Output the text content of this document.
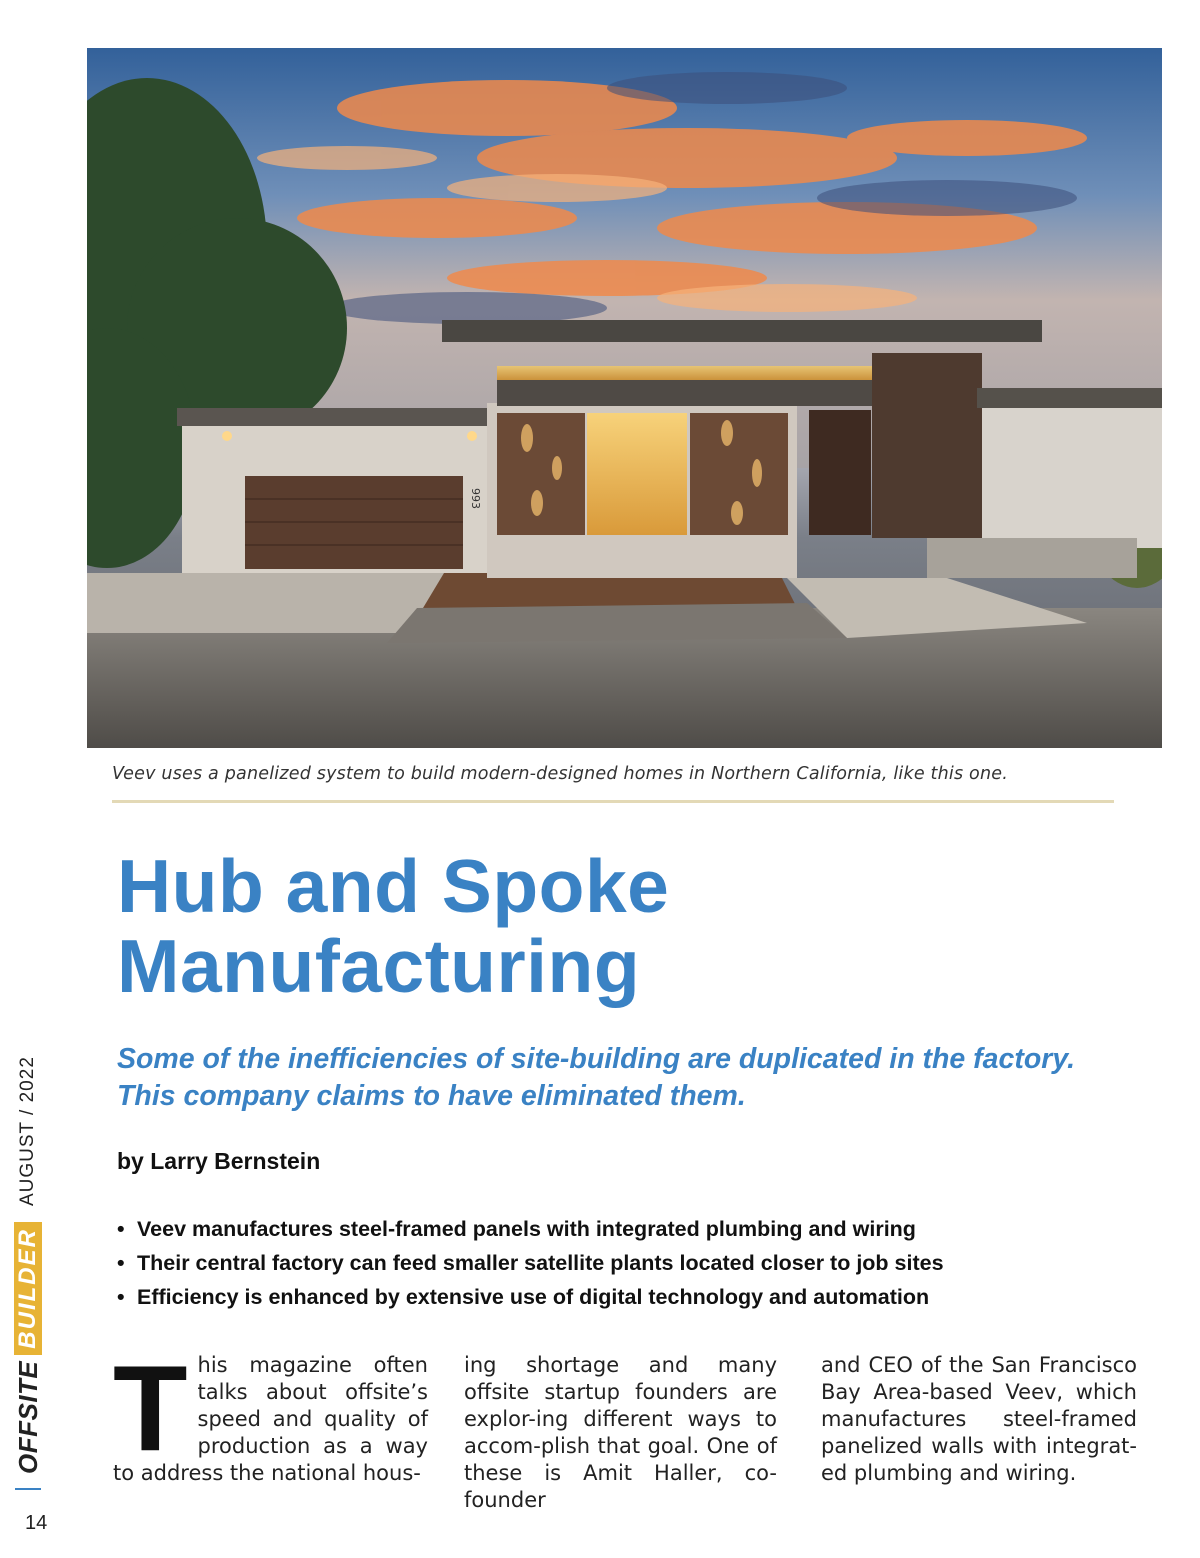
993
Veev uses a panelized system to build modern-designed homes in Northern California, like this one.
Hub and Spoke
Manufacturing
Some of the inefficiencies of site-building are duplicated in the factory.
This company claims to have eliminated them.
by Larry Bernstein
• Veev manufactures steel-framed panels with integrated plumbing and wiring
• Their central factory can feed smaller satellite plants located closer to job sites
• Efficiency is enhanced by extensive use of digital technology and automation
T his magazine often talks about offsite’s speed and quality of production as a way to address the national hous-

ing shortage and many offsite startup founders are explor-ing different ways to accom-plish that goal. One of these is Amit Haller, co-founder

and CEO of the San Francisco Bay Area-based Veev, which manufactures steel-framed panelized walls with integrat-ed plumbing and wiring.

OFFSITE
BUILDER
AUGUST / 2022
14
